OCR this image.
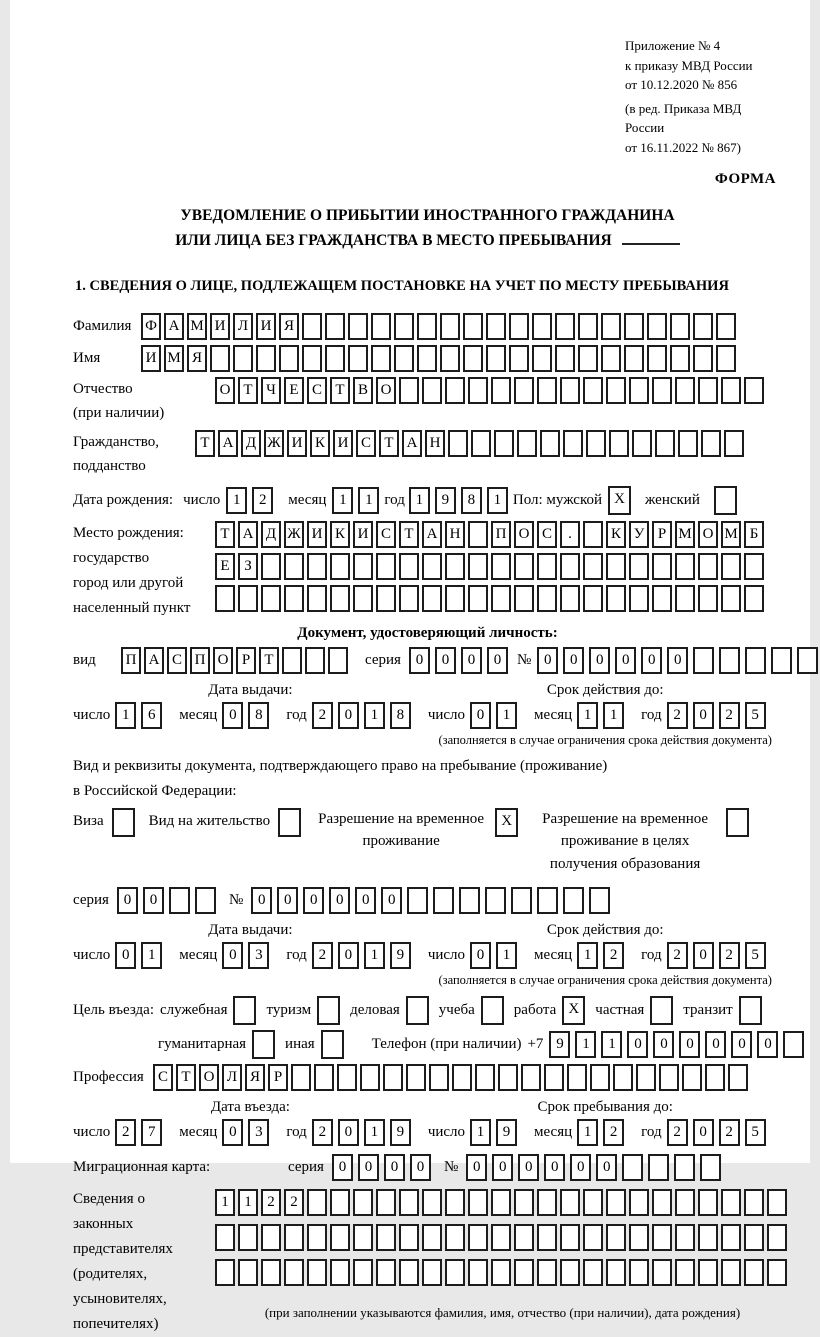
Приложение № 4
к приказу МВД России
от 10.12.2020 № 856
(в ред. Приказа МВД России
от 16.11.2022 № 867)
ФОРМА
УВЕДОМЛЕНИЕ О ПРИБЫТИИ ИНОСТРАННОГО ГРАЖДАНИНА
ИЛИ ЛИЦА БЕЗ ГРАЖДАНСТВА В МЕСТО ПРЕБЫВАНИЯ
1. СВЕДЕНИЯ О ЛИЦЕ, ПОДЛЕЖАЩЕМ ПОСТАНОВКЕ НА УЧЕТ ПО МЕСТУ ПРЕБЫВАНИЯ
Фамилия Ф А М И Л И Я
Имя	И М Я
Отчество
(при наличии)
О Т Ч Е С Т В О
Гражданство,
подданство
Т А Д Ж И К И С Т А Н
Дата рождения: число 1	2	месяц 1	1 год 1	9	8	1 Пол: мужской X	женский
Место рождения:
государство
город или другой
населенный пункт
Т А Д Ж И К И С Т А Н	П О С	.	К У Р М О М Б
Е З
Документ, удостоверяющий личность:
вид	П А С П О Р Т	серия 0	0	0	0	№ 0	0	0	0	0	0
Дата выдачи:
число 1	6	месяц 0	8	год 2	0	1	8
Срок действия до:
число 0	1	месяц 1	1	год 2	0	2	5
(заполняется в случае ограничения срока действия документа)
Вид и реквизиты документа, подтверждающего право на пребывание (проживание)
в Российской Федерации:
Виза	Вид на жительство	Разрешение на временное проживание
X	Разрешение на временное проживание в целях получения образования
серия 0	0	№ 0	0	0	0	0	0
Дата выдачи:
число 0	1	месяц 0	3	год 2	0	1	9
Срок действия до:
число 0	1	месяц 1	2	год 2	0	2	5
(заполняется в случае ограничения срока действия документа)
Цель въезда: служебная	туризм	деловая	учеба	работа X	частная	транзит
гуманитарная	иная	Телефон (при наличии) +7 9	1	1	0	0	0	0	0	0
Профессия С Т О Л Я Р
Дата въезда:
число 2	7	месяц 0	3	год 2	0	1	9
Срок пребывания до:
число 1	9	месяц 1	2	год 2	0	2	5
Миграционная карта:	серия 0	0	0	0	№ 0	0	0	0	0	0
Сведения о
законных
представителях
(родителях,
усыновителях,
попечителях)
1	1	2	2
(при заполнении указываются фамилия, имя, отчество (при наличии), дата рождения)
